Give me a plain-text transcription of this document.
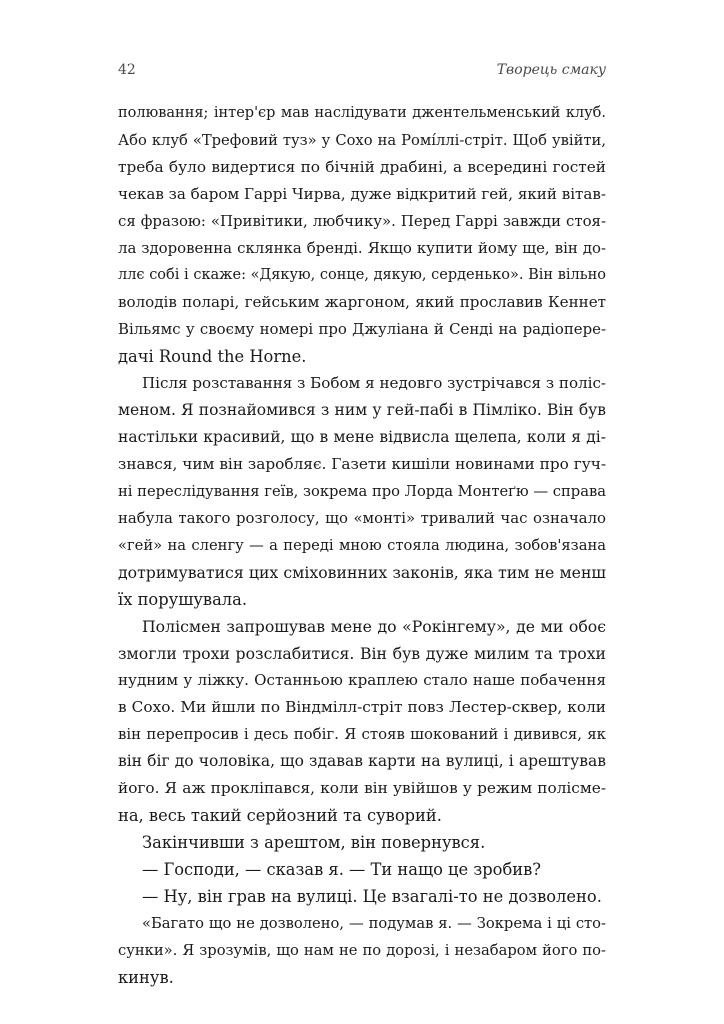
42	Творець смаку
полювання; інтер'єр мав наслідувати джентельменський клуб.
Або клуб «Трефовий туз» у Сохо на Ромíллі-стріт. Щоб увійти,
треба було видертися по бічній драбині, а всередині гостей
чекав за баром Гаррі Чирва, дуже відкритий гей, який вітав-
ся фразою: «Привітики, любчику». Перед Гаррі завжди стоя-
ла здоровенна склянка бренді. Якщо купити йому ще, він до-
ллє собі і скаже: «Дякую, сонце, дякую, серденько». Він вільно
володів поларі, гейським жаргоном, який прославив Кеннет
Вільямс у своєму номері про Джуліана й Сенді на радіопере-
дачі Round the Horne.
Після розставання з Бобом я недовго зустрічався з поліс-
меном. Я познайомився з ним у гей-пабі в Пімліко. Він був
настільки красивий, що в мене відвисла щелепа, коли я ді-
знався, чим він заробляє. Газети кишіли новинами про гуч-
ні переслідування геїв, зокрема про Лорда Монтеґю — справа
набула такого розголосу, що «монті» тривалий час означало
«гей» на сленгу — а переді мною стояла людина, зобов'язана
дотримуватися цих сміховинних законів, яка тим не менш
їх порушувала.
Полісмен запрошував мене до «Рокінгему», де ми обоє
змогли трохи розслабитися. Він був дуже милим та трохи
нудним у ліжку. Останньою краплею стало наше побачення
в Сохо. Ми йшли по Віндмілл-стріт повз Лестер-сквер, коли
він перепросив і десь побіг. Я стояв шокований і дивився, як
він біг до чоловіка, що здавав карти на вулиці, і арештував
його. Я аж прокліпався, коли він увійшов у режим полісме-
на, весь такий серйозний та суворий.
Закінчивши з арештом, він повернувся.
— Господи, — сказав я. — Ти нащо це зробив?
— Ну, він грав на вулиці. Це взагалі-то не дозволено.
«Багато що не дозволено, — подумав я. — Зокрема і ці сто-
сунки». Я зрозумів, що нам не по дорозі, і незабаром його по-
кинув.
